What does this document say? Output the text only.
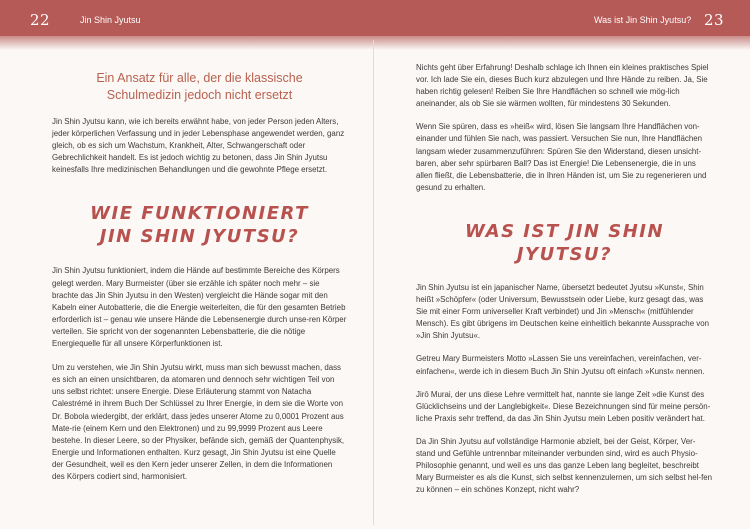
22	Jin Shin Jyutsu	Was ist Jin Shin Jyutsu? 23
Ein Ansatz für alle, der die klassische Schulmedizin jedoch nicht ersetzt

Jin Shin Jyutsu kann, wie ich bereits erwähnt habe, von jeder Person jeden Alters, jeder körperlichen Verfassung und in jeder Lebensphase angewendet werden, ganz gleich, ob es sich um Wachstum, Krankheit, Alter, Schwangerschaft oder Gebrechlichkeit handelt. Es ist jedoch wichtig zu betonen, dass Jin Shin Jyutsu keinesfalls Ihre medizinischen Behandlungen und die gewohnte Pflege ersetzt.

WIE FUNKTIONIERT
JIN SHIN JYUTSU?

Jin Shin Jyutsu funktioniert, indem die Hände auf bestimmte Bereiche des Körpers gelegt werden. Mary Burmeister (über sie erzähle ich später noch mehr – sie brachte das Jin Shin Jyutsu in den Westen) vergleicht die Hände sogar mit den Kabeln einer Autobatterie, die die Energie weiterleiten, die für den gesamten Betrieb erforderlich ist – genau wie unsere Hände die Lebensenergie durch unse-ren Körper verteilen. Sie spricht von der sogenannten Lebensbatterie, die die nötige Energiequelle für all unsere Körperfunktionen ist.

Um zu verstehen, wie Jin Shin Jyutsu wirkt, muss man sich bewusst machen, dass es sich an einen unsichtbaren, da atomaren und dennoch sehr wichtigen Teil von uns selbst richtet: unsere Energie. Diese Erläuterung stammt von Natacha Calestrémé in ihrem Buch Der Schlüssel zu Ihrer Energie, in dem sie die Worte von Dr. Bobola wiedergibt, der erklärt, dass jedes unserer Atome zu 0,0001 Prozent aus Mate-rie (einem Kern und den Elektronen) und zu 99,9999 Prozent aus Leere bestehe. In dieser Leere, so der Physiker, befände sich, gemäß der Quantenphysik, Energie und Informationen enthalten. Kurz gesagt, Jin Shin Jyutsu ist eine Quelle der Gesundheit, weil es den Kern jeder unserer Zellen, in dem die Informationen des Körpers codiert sind, harmonisiert.

Nichts geht über Erfahrung! Deshalb schlage ich Ihnen ein kleines praktisches Spiel vor. Ich lade Sie ein, dieses Buch kurz abzulegen und Ihre Hände zu reiben. Ja, Sie haben richtig gelesen! Reiben Sie Ihre Handflächen so schnell wie mög-lich aneinander, als ob Sie sie wärmen wollten, für mindestens 30 Sekunden.

Wenn Sie spüren, dass es »heiß« wird, lösen Sie langsam Ihre Handflächen von-einander und fühlen Sie nach, was passiert. Versuchen Sie nun, Ihre Handflächen langsam wieder zusammenzuführen: Spüren Sie den Widerstand, diesen unsicht-baren, aber sehr spürbaren Ball? Das ist Energie! Die Lebensenergie, die in uns allen fließt, die Lebensbatterie, die in Ihren Händen ist, um Sie zu regenerieren und gesund zu erhalten.

WAS IST JIN SHIN JYUTSU?

Jin Shin Jyutsu ist ein japanischer Name, übersetzt bedeutet Jyutsu »Kunst«, Shin heißt »Schöpfer« (oder Universum, Bewusstsein oder Liebe, kurz gesagt das, was Sie mit einer Form universeller Kraft verbindet) und Jin »Mensch« (mitfühlender Mensch). Es gibt übrigens im Deutschen keine einheitlich bekannte Aussprache von »Jin Shin Jyutsu«.

Getreu Mary Burmeisters Motto »Lassen Sie uns vereinfachen, vereinfachen, ver-einfachen«, werde ich in diesem Buch Jin Shin Jyutsu oft einfach »Kunst« nennen.

Jirō Murai, der uns diese Lehre vermittelt hat, nannte sie lange Zeit »die Kunst des Glücklichseins und der Langlebigkeit«. Diese Bezeichnungen sind für meine persön-liche Praxis sehr treffend, da das Jin Shin Jyutsu mein Leben positiv verändert hat.

Da Jin Shin Jyutsu auf vollständige Harmonie abzielt, bei der Geist, Körper, Ver-stand und Gefühle untrennbar miteinander verbunden sind, wird es auch Physio-Philosophie genannt, und weil es uns das ganze Leben lang begleitet, beschreibt Mary Burmeister es als die Kunst, sich selbst kennenzulernen, um sich selbst hel-fen zu können – ein schönes Konzept, nicht wahr?
